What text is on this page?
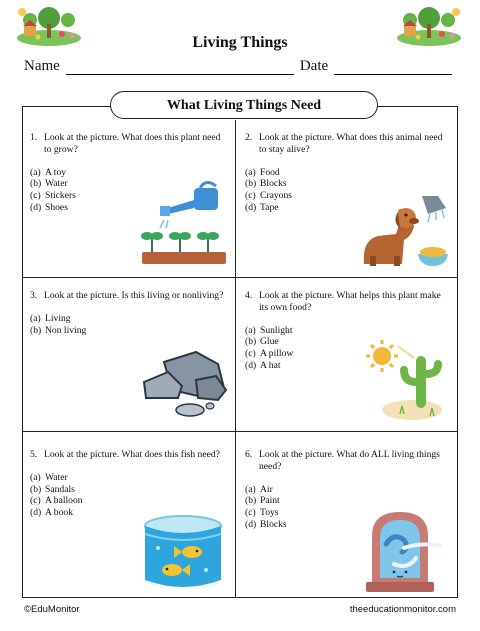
Living Things
Name	Date
What Living Things Need
1. Look at the picture. What does this plant need to grow?
(a) A toy
(b) Water
(c) Stickers
(d) Shoes
2. Look at the picture. What does this animal need to stay alive?
(a) Food
(b) Blocks
(c) Crayons
(d) Tape
3. Look at the picture. Is this living or nonliving?
(a) Living
(b) Non living
4. Look at the picture. What helps this plant make its own food?
(a) Sunlight
(b) Glue
(c) A pillow
(d) A hat
5. Look at the picture. What does this fish need?
(a) Water
(b) Sandals
(c) A balloon
(d) A book
6. Look at the picture. What do ALL living things need?
(a) Air
(b) Paint
(c) Toys
(d) Blocks
©EduMonitor	theeducationmonitor.com
